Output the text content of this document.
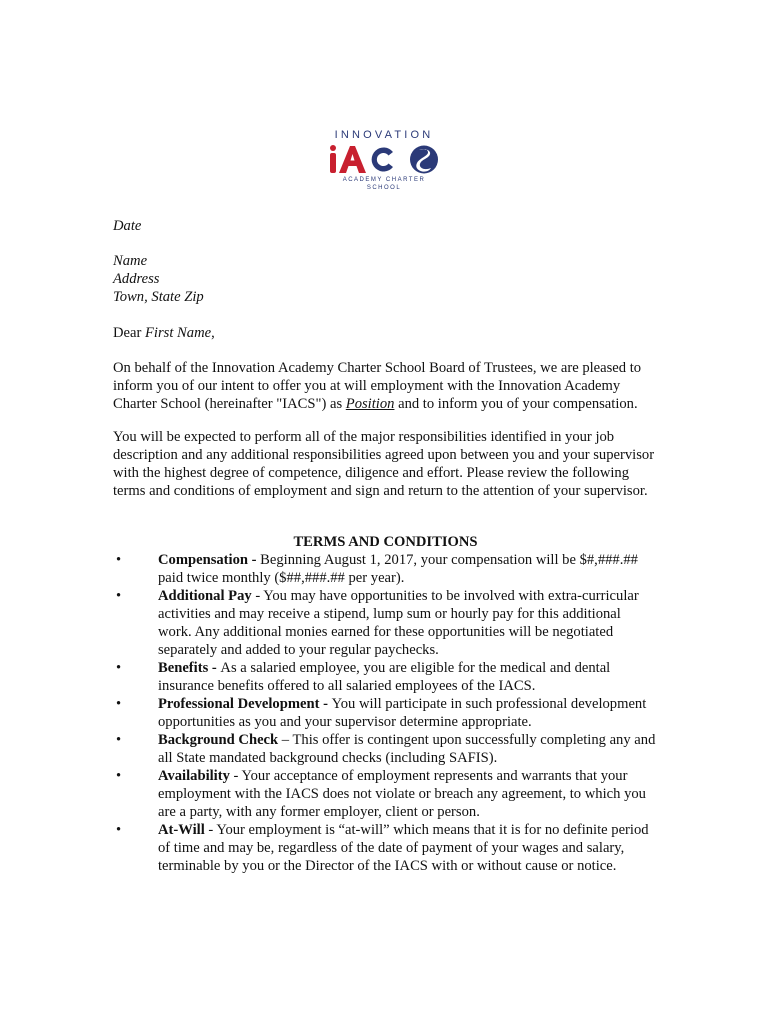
INNOVATION
ACADEMY CHARTER SCHOOL
Date
Name
Address
Town, State Zip
Dear First Name,

On behalf of the Innovation Academy Charter School Board of Trustees, we are pleased to inform you of our intent to offer you at will employment with the Innovation Academy Charter School (hereinafter "IACS") as Position and to inform you of your compensation.

You will be expected to perform all of the major responsibilities identified in your job description and any additional responsibilities agreed upon between you and your supervisor with the highest degree of competence, diligence and effort. Please review the following terms and conditions of employment and sign and return to the attention of your supervisor.

TERMS AND CONDITIONS
•	Compensation - Beginning August 1, 2017, your compensation will be $#,###.## paid twice monthly ($##,###.## per year).
•	Additional Pay - You may have opportunities to be involved with extra-curricular activities and may receive a stipend, lump sum or hourly pay for this additional work. Any additional monies earned for these opportunities will be negotiated separately and added to your regular paychecks.
•	Benefits - As a salaried employee, you are eligible for the medical and dental insurance benefits offered to all salaried employees of the IACS.
•	Professional Development - You will participate in such professional development opportunities as you and your supervisor determine appropriate.
•	Background Check – This offer is contingent upon successfully completing any and all State mandated background checks (including SAFIS).
•	Availability - Your acceptance of employment represents and warrants that your employment with the IACS does not violate or breach any agreement, to which you are a party, with any former employer, client or person.
•	At-Will - Your employment is “at-will” which means that it is for no definite period of time and may be, regardless of the date of payment of your wages and salary, terminable by you or the Director of the IACS with or without cause or notice.
